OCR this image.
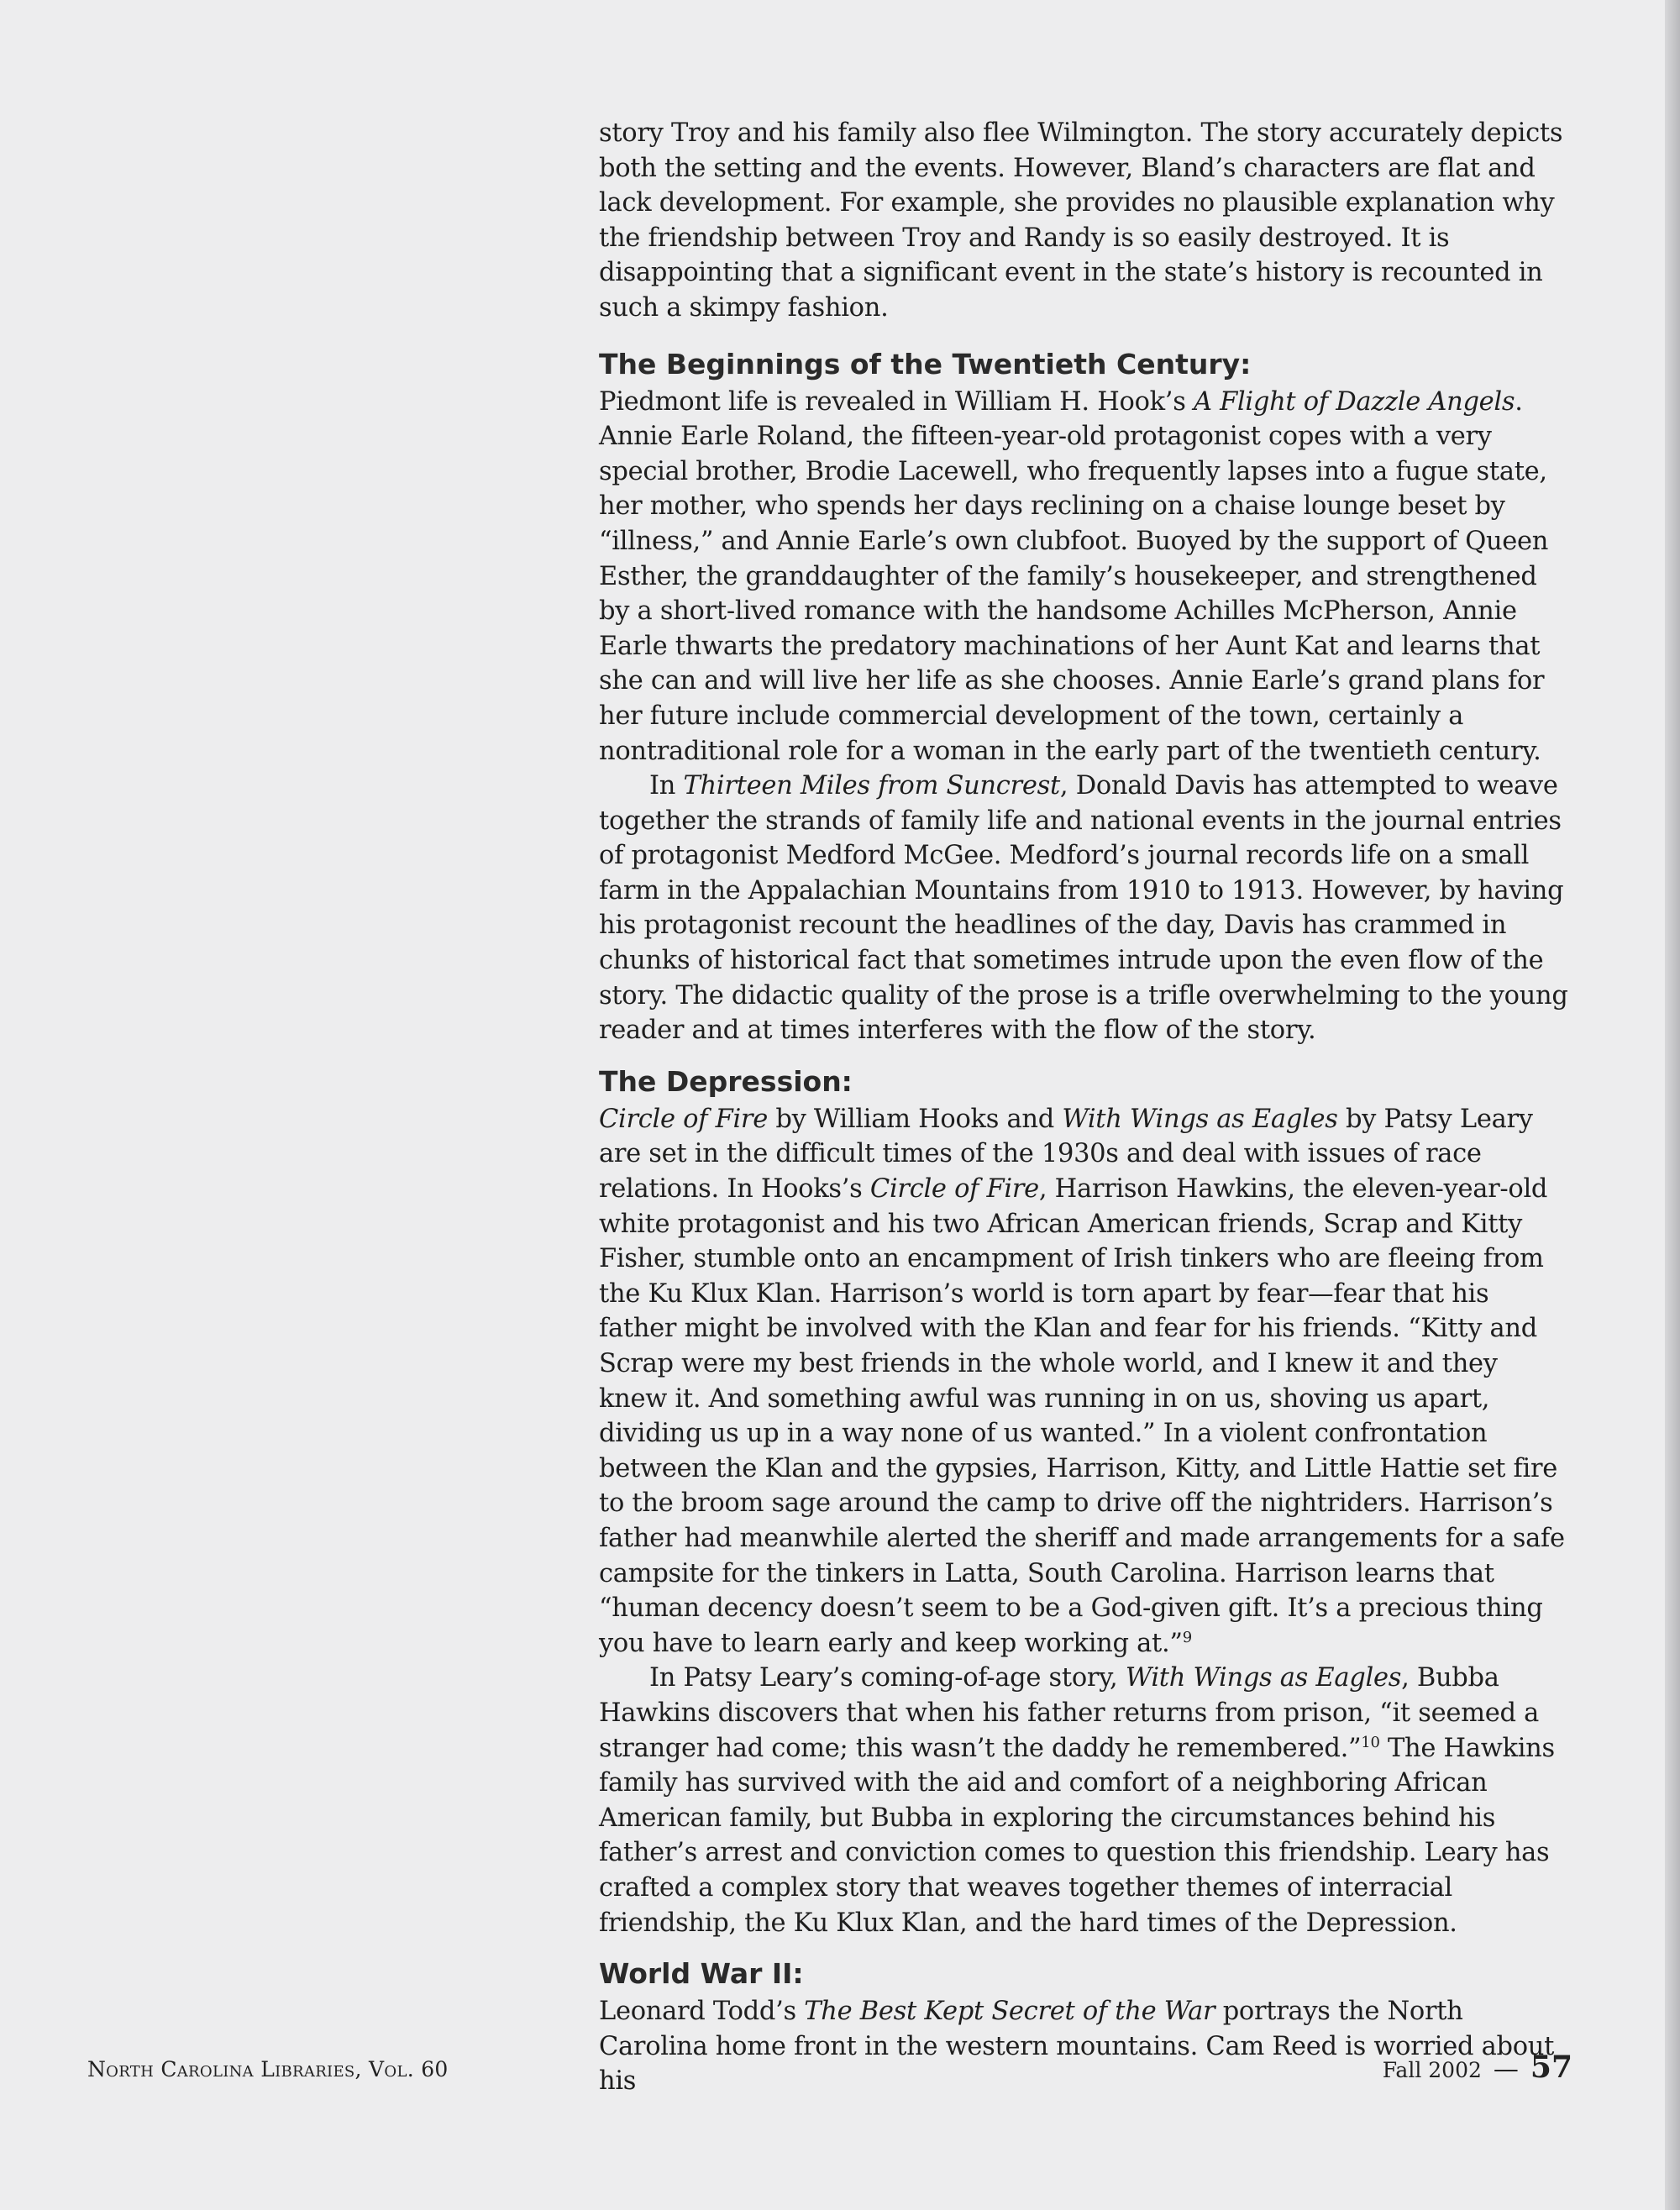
story Troy and his family also flee Wilmington. The story accurately depicts both the setting and the events. However, Bland’s characters are flat and lack development. For example, she provides no plausible explanation why the friendship between Troy and Randy is so easily destroyed. It is disappointing that a significant event in the state’s history is recounted in such a skimpy fashion.

The Beginnings of the Twentieth Century:

Piedmont life is revealed in William H. Hook’s A Flight of Dazzle Angels. Annie Earle Roland, the fifteen-year-old protagonist copes with a very special brother, Brodie Lacewell, who frequently lapses into a fugue state, her mother, who spends her days reclining on a chaise lounge beset by “illness,” and Annie Earle’s own clubfoot. Buoyed by the support of Queen Esther, the granddaughter of the family’s housekeeper, and strengthened by a short-lived romance with the handsome Achilles McPherson, Annie Earle thwarts the predatory machinations of her Aunt Kat and learns that she can and will live her life as she chooses. Annie Earle’s grand plans for her future include commercial development of the town, certainly a nontraditional role for a woman in the early part of the twentieth century.

In Thirteen Miles from Suncrest, Donald Davis has attempted to weave together the strands of family life and national events in the journal entries of protagonist Medford McGee. Medford’s journal records life on a small farm in the Appalachian Mountains from 1910 to 1913. However, by having his protagonist recount the headlines of the day, Davis has crammed in chunks of historical fact that sometimes intrude upon the even flow of the story. The didactic quality of the prose is a trifle overwhelming to the young reader and at times interferes with the flow of the story.

The Depression:

Circle of Fire by William Hooks and With Wings as Eagles by Patsy Leary are set in the difficult times of the 1930s and deal with issues of race relations. In Hooks’s Circle of Fire, Harrison Hawkins, the eleven-year-old white protagonist and his two African American friends, Scrap and Kitty Fisher, stumble onto an encampment of Irish tinkers who are fleeing from the Ku Klux Klan. Harrison’s world is torn apart by fear—fear that his father might be involved with the Klan and fear for his friends. “Kitty and Scrap were my best friends in the whole world, and I knew it and they knew it. And something awful was running in on us, shoving us apart, dividing us up in a way none of us wanted.” In a violent confrontation between the Klan and the gypsies, Harrison, Kitty, and Little Hattie set fire to the broom sage around the camp to drive off the nightriders. Harrison’s father had meanwhile alerted the sheriff and made arrangements for a safe campsite for the tinkers in Latta, South Carolina. Harrison learns that “human decency doesn’t seem to be a God-given gift. It’s a precious thing you have to learn early and keep working at.”$^9$

In Patsy Leary’s coming-of-age story, With Wings as Eagles, Bubba Hawkins discovers that when his father returns from prison, “it seemed a stranger had come; this wasn’t the daddy he remembered.”$^{10}$ The Hawkins family has survived with the aid and comfort of a neighboring African American family, but Bubba in exploring the circumstances behind his father’s arrest and conviction comes to question this friendship. Leary has crafted a complex story that weaves together themes of interracial friendship, the Ku Klux Klan, and the hard times of the Depression.

World War II:

Leonard Todd’s The Best Kept Secret of the War portrays the North Carolina home front in the western mountains. Cam Reed is worried about his

North Carolina Libraries, Vol. 60	Fall 2002 — 57
